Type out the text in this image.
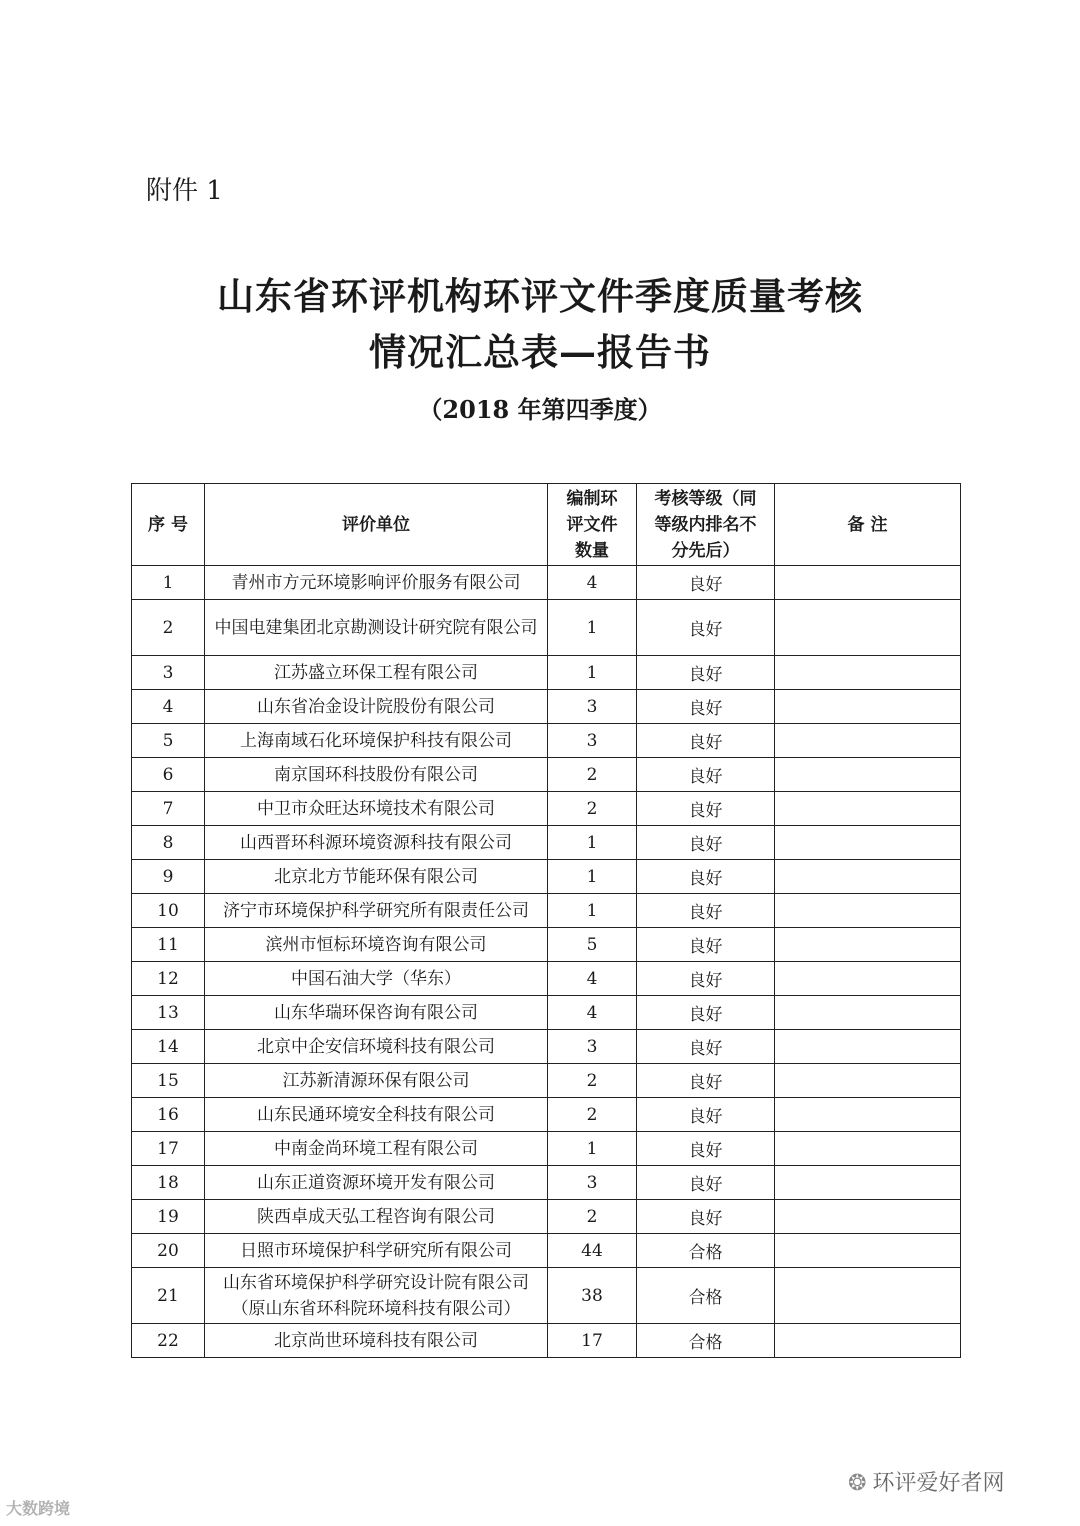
附件 1
山东省环评机构环评文件季度质量考核
情况汇总表—报告书
（2018 年第四季度）
序 号	评价单位	编制环评文件数量	考核等级（同等级内排名不分先后）	备 注
1	青州市方元环境影响评价服务有限公司	4	良好	
2	中国电建集团北京勘测设计研究院有限公司	1	良好	
3	江苏盛立环保工程有限公司	1	良好	
4	山东省冶金设计院股份有限公司	3	良好	
5	上海南域石化环境保护科技有限公司	3	良好	
6	南京国环科技股份有限公司	2	良好	
7	中卫市众旺达环境技术有限公司	2	良好	
8	山西晋环科源环境资源科技有限公司	1	良好	
9	北京北方节能环保有限公司	1	良好	
10	济宁市环境保护科学研究所有限责任公司	1	良好	
11	滨州市恒标环境咨询有限公司	5	良好	
12	中国石油大学（华东）	4	良好	
13	山东华瑞环保咨询有限公司	4	良好	
14	北京中企安信环境科技有限公司	3	良好	
15	江苏新清源环保有限公司	2	良好	
16	山东民通环境安全科技有限公司	2	良好	
17	中南金尚环境工程有限公司	1	良好	
18	山东正道资源环境开发有限公司	3	良好	
19	陕西卓成天弘工程咨询有限公司	2	良好	
20	日照市环境保护科学研究所有限公司	44	合格	
21	山东省环境保护科学研究设计院有限公司（原山东省环科院环境科技有限公司）	38	合格	
22	北京尚世环境科技有限公司	17	合格	
❂ 环评爱好者网
大数跨境
